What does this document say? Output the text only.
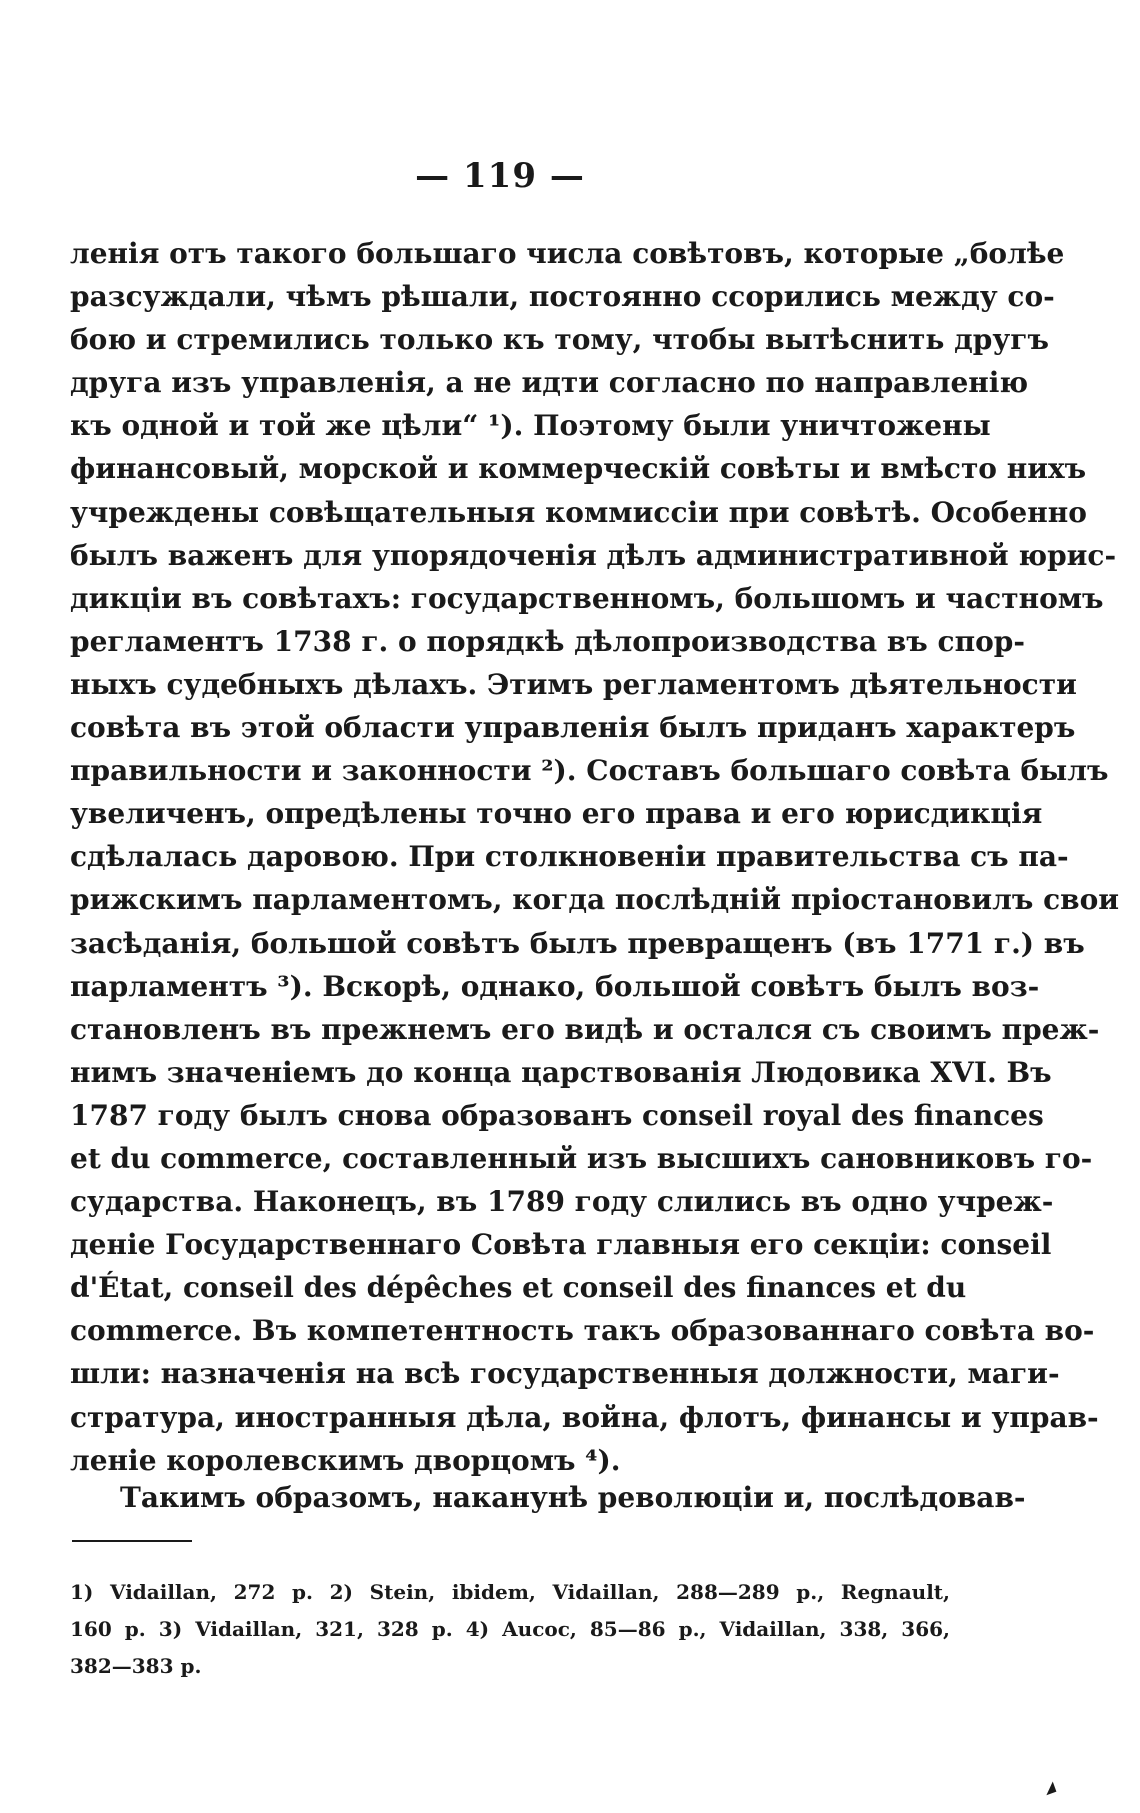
— 119 —
ленія отъ такого большаго числа совѣтовъ, которые „болѣе
разсуждали, чѣмъ рѣшали, постоянно ссорились между со-
бою и стремились только къ тому, чтобы вытѣснить другъ
друга изъ управленія, а не идти согласно по направленію
къ одной и той же цѣли“ ¹). Поэтому были уничтожены
финансовый, морской и коммерческій совѣты и вмѣсто нихъ
учреждены совѣщательныя коммиссіи при совѣтѣ. Особенно
былъ важенъ для упорядоченія дѣлъ административной юрис-
дикціи въ совѣтахъ: государственномъ, большомъ и частномъ
регламентъ 1738 г. о порядкѣ дѣлопроизводства въ спор-
ныхъ судебныхъ дѣлахъ. Этимъ регламентомъ дѣятельности
совѣта въ этой области управленія былъ приданъ характеръ
правильности и законности ²). Составъ большаго совѣта былъ
увеличенъ, опредѣлены точно его права и его юрисдикція
сдѣлалась даровою. При столкновеніи правительства съ па-
рижскимъ парламентомъ, когда послѣдній пріостановилъ свои
засѣданія, большой совѣтъ былъ превращенъ (въ 1771 г.) въ
парламентъ ³). Вскорѣ, однако, большой совѣтъ былъ воз-
становленъ въ прежнемъ его видѣ и остался съ своимъ преж-
нимъ значеніемъ до конца царствованія Людовика XVI. Въ
1787 году былъ снова образованъ conseil royal des finances
et du commerce, составленный изъ высшихъ сановниковъ го-
сударства. Наконецъ, въ 1789 году слились въ одно учреж-
деніе Государственнаго Совѣта главныя его секціи: conseil
d'État, conseil des dépêches et conseil des finances et du
commerce. Въ компетентность такъ образованнаго совѣта во-
шли: назначенія на всѣ государственныя должности, маги-
стратура, иностранныя дѣла, война, флотъ, финансы и управ-
леніе королевскимъ дворцомъ ⁴).
Такимъ образомъ, наканунѣ революціи и, послѣдовав-
1) Vidaillan, 272 p. 2) Stein, ibidem, Vidaillan, 288—289 p., Regnault,
160 p. 3) Vidaillan, 321, 328 p. 4) Aucoc, 85—86 p., Vidaillan, 338, 366,
382—383 p.
◢
